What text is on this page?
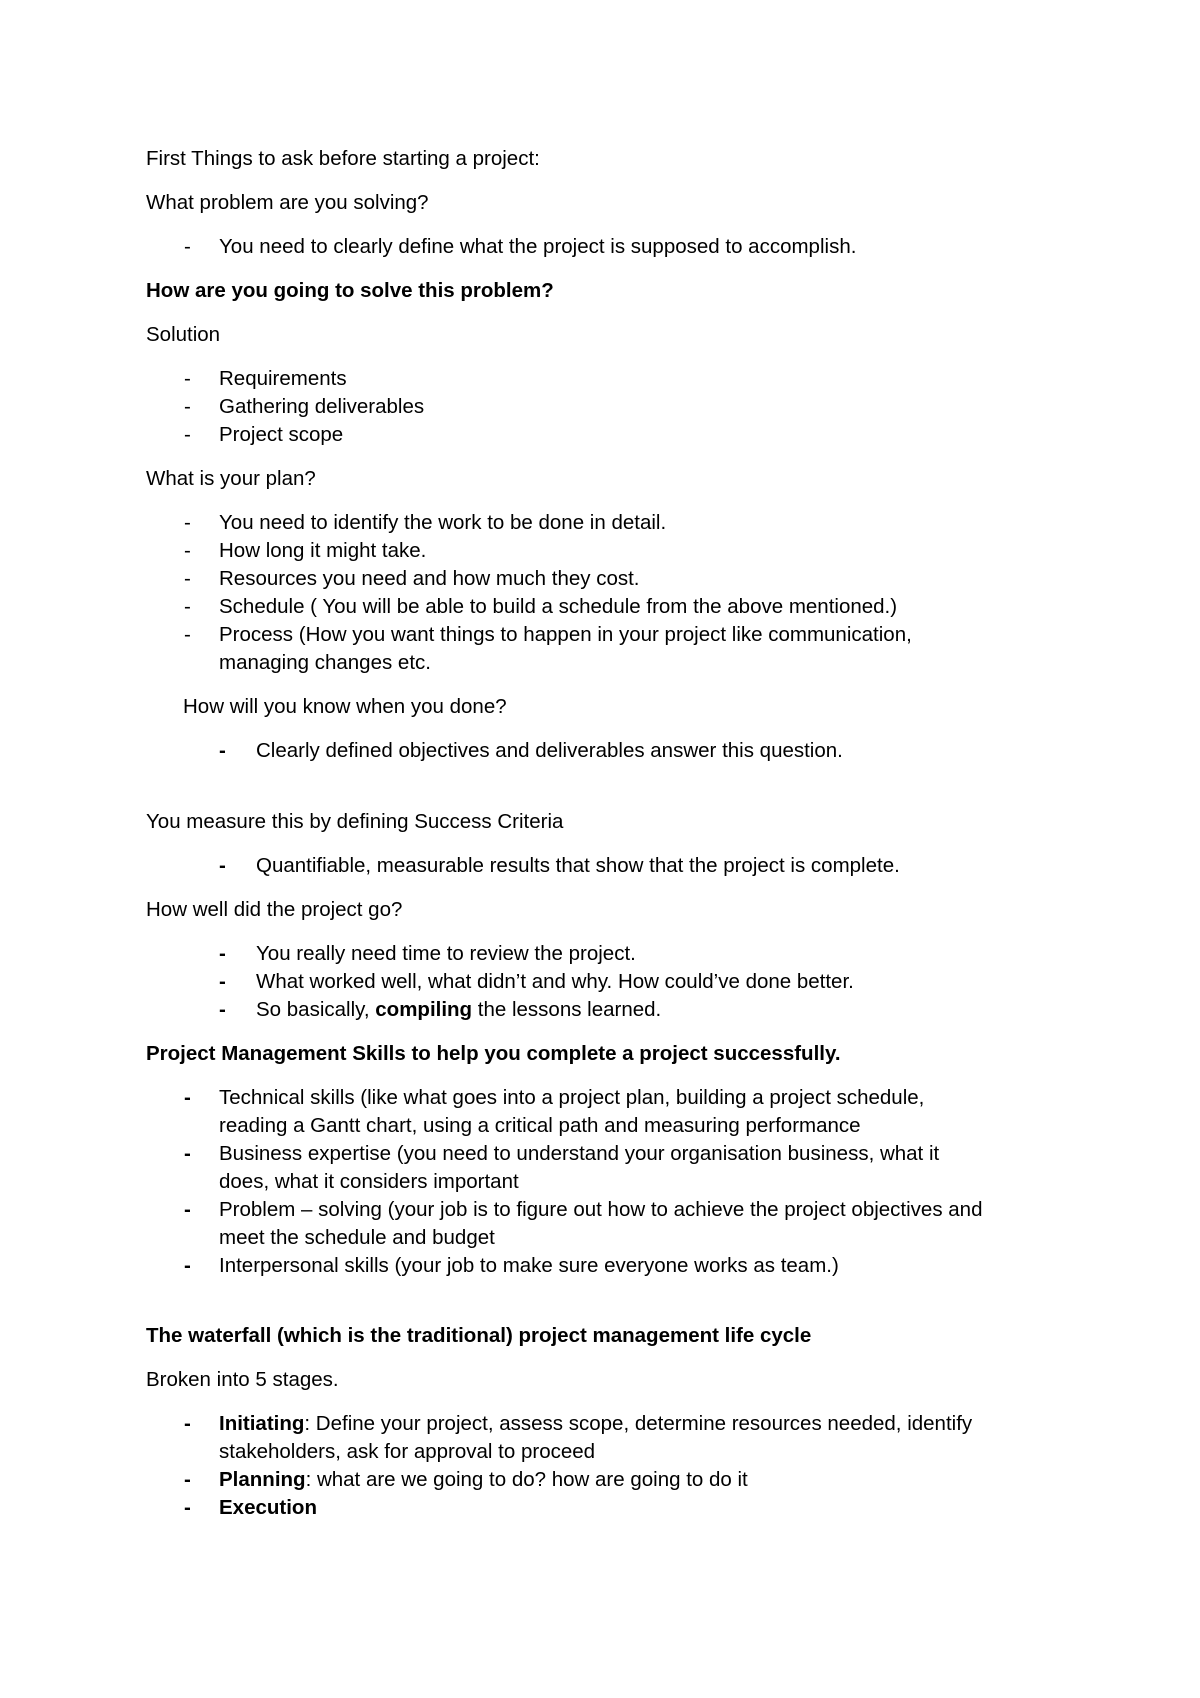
First Things to ask before starting a project:
What problem are you solving?
- You need to clearly define what the project is supposed to accomplish.
How are you going to solve this problem?
Solution
- Requirements
- Gathering deliverables
- Project scope
What is your plan?
- You need to identify the work to be done in detail.
- How long it might take.
- Resources you need and how much they cost.
- Schedule ( You will be able to build a schedule from the above mentioned.)
- Process (How you want things to happen in your project like communication,
managing changes etc.
How will you know when you done?
- Clearly defined objectives and deliverables answer this question.
You measure this by defining Success Criteria
- Quantifiable, measurable results that show that the project is complete.
How well did the project go?
- You really need time to review the project.
- What worked well, what didn’t and why. How could’ve done better.
- So basically, compiling the lessons learned.
Project Management Skills to help you complete a project successfully.
- Technical skills (like what goes into a project plan, building a project schedule,
reading a Gantt chart, using a critical path and measuring performance
- Business expertise (you need to understand your organisation business, what it
does, what it considers important
- Problem – solving (your job is to figure out how to achieve the project objectives and
meet the schedule and budget
- Interpersonal skills (your job to make sure everyone works as team.)
The waterfall (which is the traditional) project management life cycle
Broken into 5 stages.
- Initiating: Define your project, assess scope, determine resources needed, identify
stakeholders, ask for approval to proceed
- Planning: what are we going to do? how are going to do it
- Execution
